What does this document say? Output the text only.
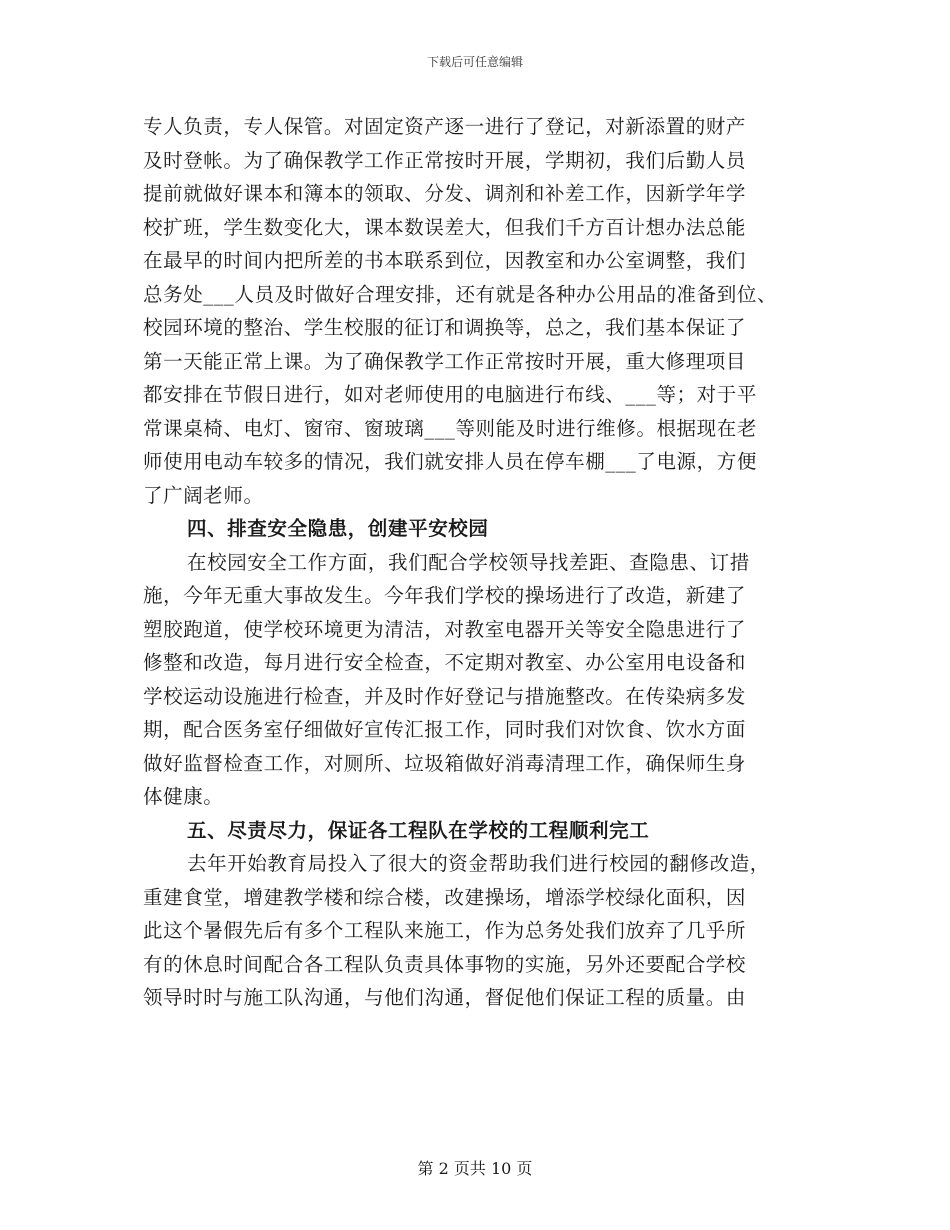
下载后可任意编辑
专人负责，专人保管。对固定资产逐一进行了登记，对新添置的财产
及时登帐。为了确保教学工作正常按时开展，学期初，我们后勤人员
提前就做好课本和簿本的领取、分发、调剂和补差工作，因新学年学
校扩班，学生数变化大，课本数误差大，但我们千方百计想办法总能
在最早的时间内把所差的书本联系到位，因教室和办公室调整，我们
总务处___人员及时做好合理安排，还有就是各种办公用品的准备到位、
校园环境的整治、学生校服的征订和调换等，总之，我们基本保证了
第一天能正常上课。为了确保教学工作正常按时开展，重大修理项目
都安排在节假日进行，如对老师使用的电脑进行布线、___等；对于平
常课桌椅、电灯、窗帘、窗玻璃___等则能及时进行维修。根据现在老
师使用电动车较多的情况，我们就安排人员在停车棚___了电源，方便
了广阔老师。
四、排查安全隐患，创建平安校园
在校园安全工作方面，我们配合学校领导找差距、查隐患、订措
施，今年无重大事故发生。今年我们学校的操场进行了改造，新建了
塑胶跑道，使学校环境更为清洁，对教室电器开关等安全隐患进行了
修整和改造，每月进行安全检查，不定期对教室、办公室用电设备和
学校运动设施进行检查，并及时作好登记与措施整改。在传染病多发
期，配合医务室仔细做好宣传汇报工作，同时我们对饮食、饮水方面
做好监督检查工作，对厕所、垃圾箱做好消毒清理工作，确保师生身
体健康。
五、尽责尽力，保证各工程队在学校的工程顺利完工
去年开始教育局投入了很大的资金帮助我们进行校园的翻修改造，
重建食堂，增建教学楼和综合楼，改建操场，增添学校绿化面积，因
此这个暑假先后有多个工程队来施工，作为总务处我们放弃了几乎所
有的休息时间配合各工程队负责具体事物的实施，另外还要配合学校
领导时时与施工队沟通，与他们沟通，督促他们保证工程的质量。由
第 2 页共 10 页
